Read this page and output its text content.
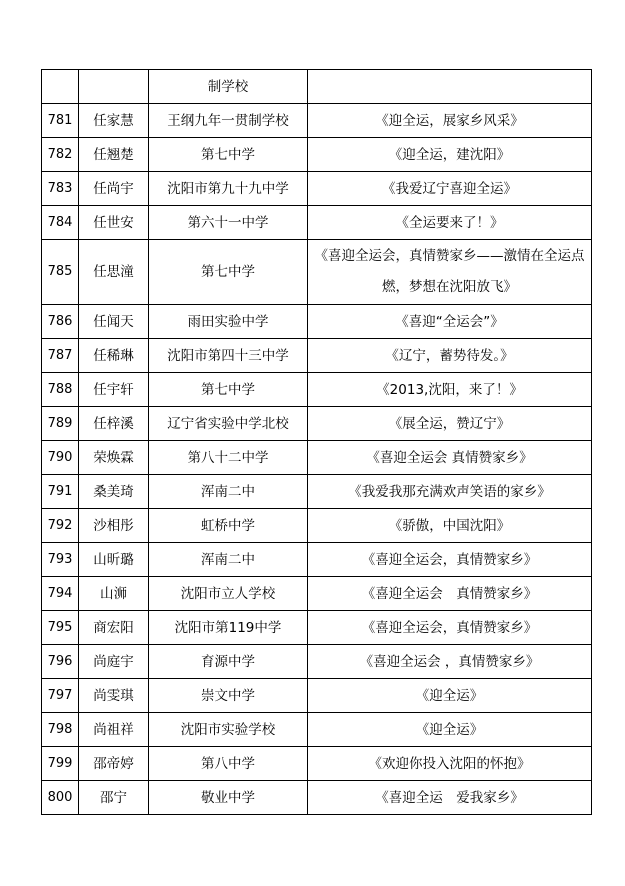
		制学校	
781	任家慧	王纲九年一贯制学校	《迎全运，展家乡风采》
782	任翘楚	第七中学	《迎全运，建沈阳》
783	任尚宇	沈阳市第九十九中学	《我爱辽宁喜迎全运》
784	任世安	第六十一中学	《全运要来了！》
785	任思潼	第七中学	《喜迎全运会，真情赞家乡——激情在全运点燃，梦想在沈阳放飞》

786	任闻天	雨田实验中学	《喜迎“全运会”》
787	任稀琳	沈阳市第四十三中学	《辽宁，蓄势待发。》
788	任宇轩	第七中学	《2013,沈阳，来了！》
789	任梓溪	辽宁省实验中学北校	《展全运，赞辽宁》
790	荣焕霖	第八十二中学	《喜迎全运会 真情赞家乡》
791	桑美琦	浑南二中	《我爱我那充满欢声笑语的家乡》
792	沙相彤	虹桥中学	《骄傲，中国沈阳》
793	山昕璐	浑南二中	《喜迎全运会，真情赞家乡》
794	山浉	沈阳市立人学校	《喜迎全运会　真情赞家乡》
795	商宏阳	沈阳市第119中学	《喜迎全运会，真情赞家乡》
796	尚庭宇	育源中学	《喜迎全运会 ，真情赞家乡》
797	尚雯琪	崇文中学	《迎全运》
798	尚祖祥	沈阳市实验学校	《迎全运》
799	邵帝婷	第八中学	《欢迎你投入沈阳的怀抱》
800	邵宁	敬业中学	《喜迎全运　爱我家乡》
